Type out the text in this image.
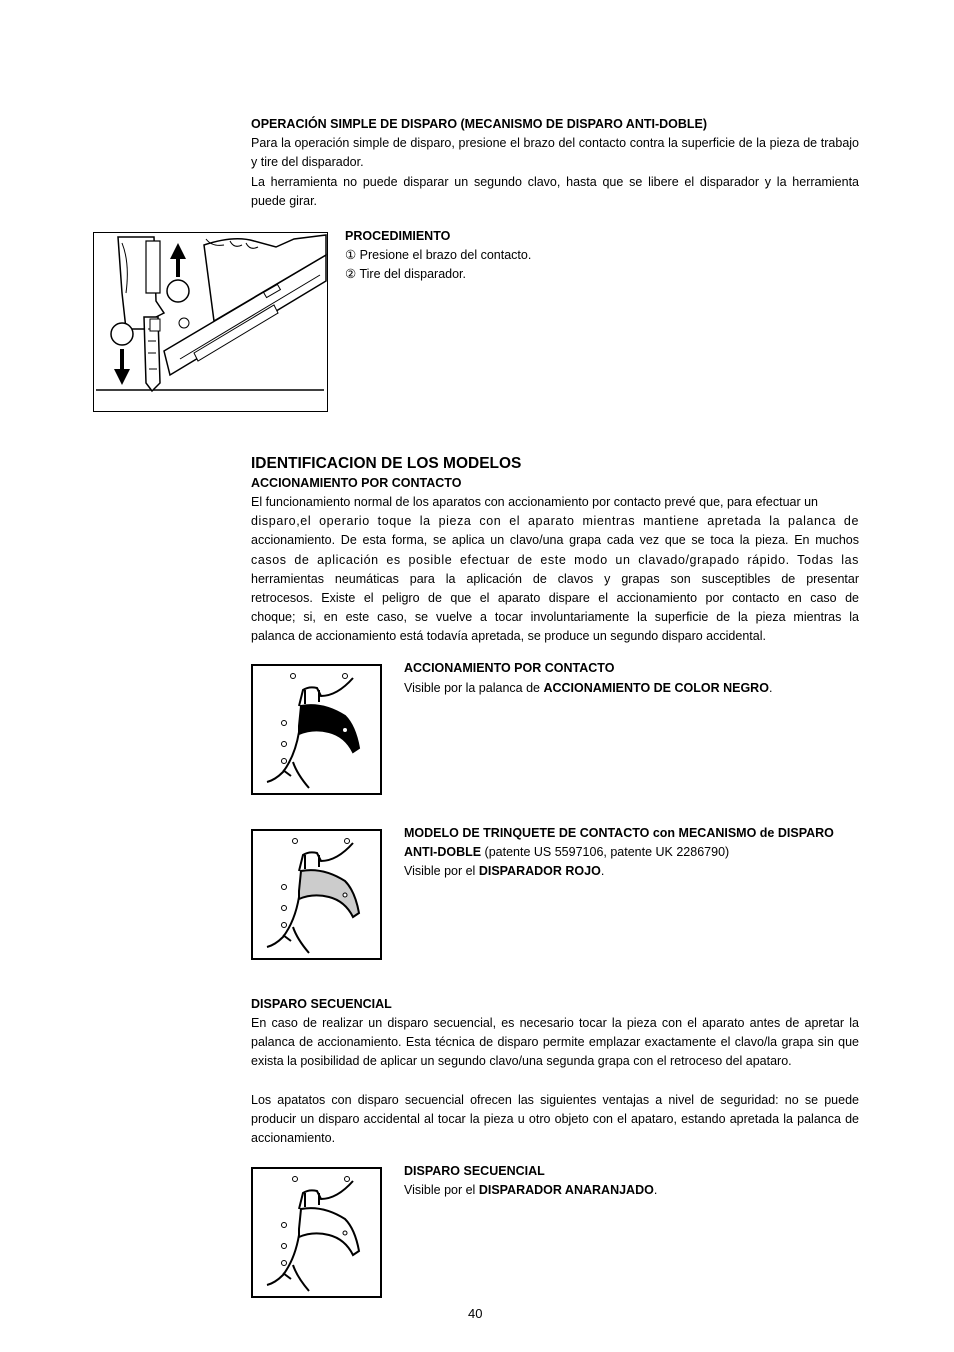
OPERACIÓN SIMPLE DE DISPARO (MECANISMO DE DISPARO ANTI-DOBLE)
Para la operación simple de disparo, presione el brazo del contacto contra la superficie de la pieza de trabajo y tire del disparador.
La herramienta no puede disparar un segundo clavo, hasta que se libere el disparador y la herramienta puede girar.
PROCEDIMIENTO
① Presione el brazo del contacto.
② Tire del disparador.
IDENTIFICACION DE LOS MODELOS
ACCIONAMIENTO POR CONTACTO
El funcionamiento normal de los aparatos con accionamiento por contacto prevé que, para efectuar un
disparo,el operario toque la pieza con el aparato mientras mantiene apretada la palanca de
accionamiento. De esta forma, se aplica un clavo/una grapa cada vez que se toca la pieza. En muchos
casos de aplicación es posible efectuar de este modo un clavado/grapado rápido. Todas las
herramientas neumáticas para la aplicación de clavos y grapas son susceptibles de presentar
retrocesos. Existe el peligro de que el aparato dispare el accionamiento por contacto en caso de
choque; si, en este caso, se vuelve a tocar involuntariamente la superficie de la pieza mientras la
palanca de accionamiento está todavía apretada, se produce un segundo disparo accidental.
ACCIONAMIENTO POR CONTACTO
Visible por la palanca de ACCIONAMIENTO DE COLOR NEGRO.
MODELO DE TRINQUETE DE CONTACTO con MECANISMO de DISPARO
ANTI-DOBLE (patente US 5597106, patente UK 2286790)
Visible por el DISPARADOR ROJO.
DISPARO SECUENCIAL
En caso de realizar un disparo secuencial, es necesario tocar la pieza con el aparato antes de apretar la palanca de accionamiento. Esta técnica de disparo permite emplazar exactamente el clavo/la grapa sin que exista la posibilidad de aplicar un segundo clavo/una segunda grapa con el retroceso del apataro.
Los apatatos con disparo secuencial ofrecen las siguientes ventajas a nivel de seguridad: no se puede producir un disparo accidental al tocar la pieza u otro objeto con el apataro, estando apretada la palanca de accionamiento.
DISPARO SECUENCIAL
Visible por el DISPARADOR ANARANJADO.
40
